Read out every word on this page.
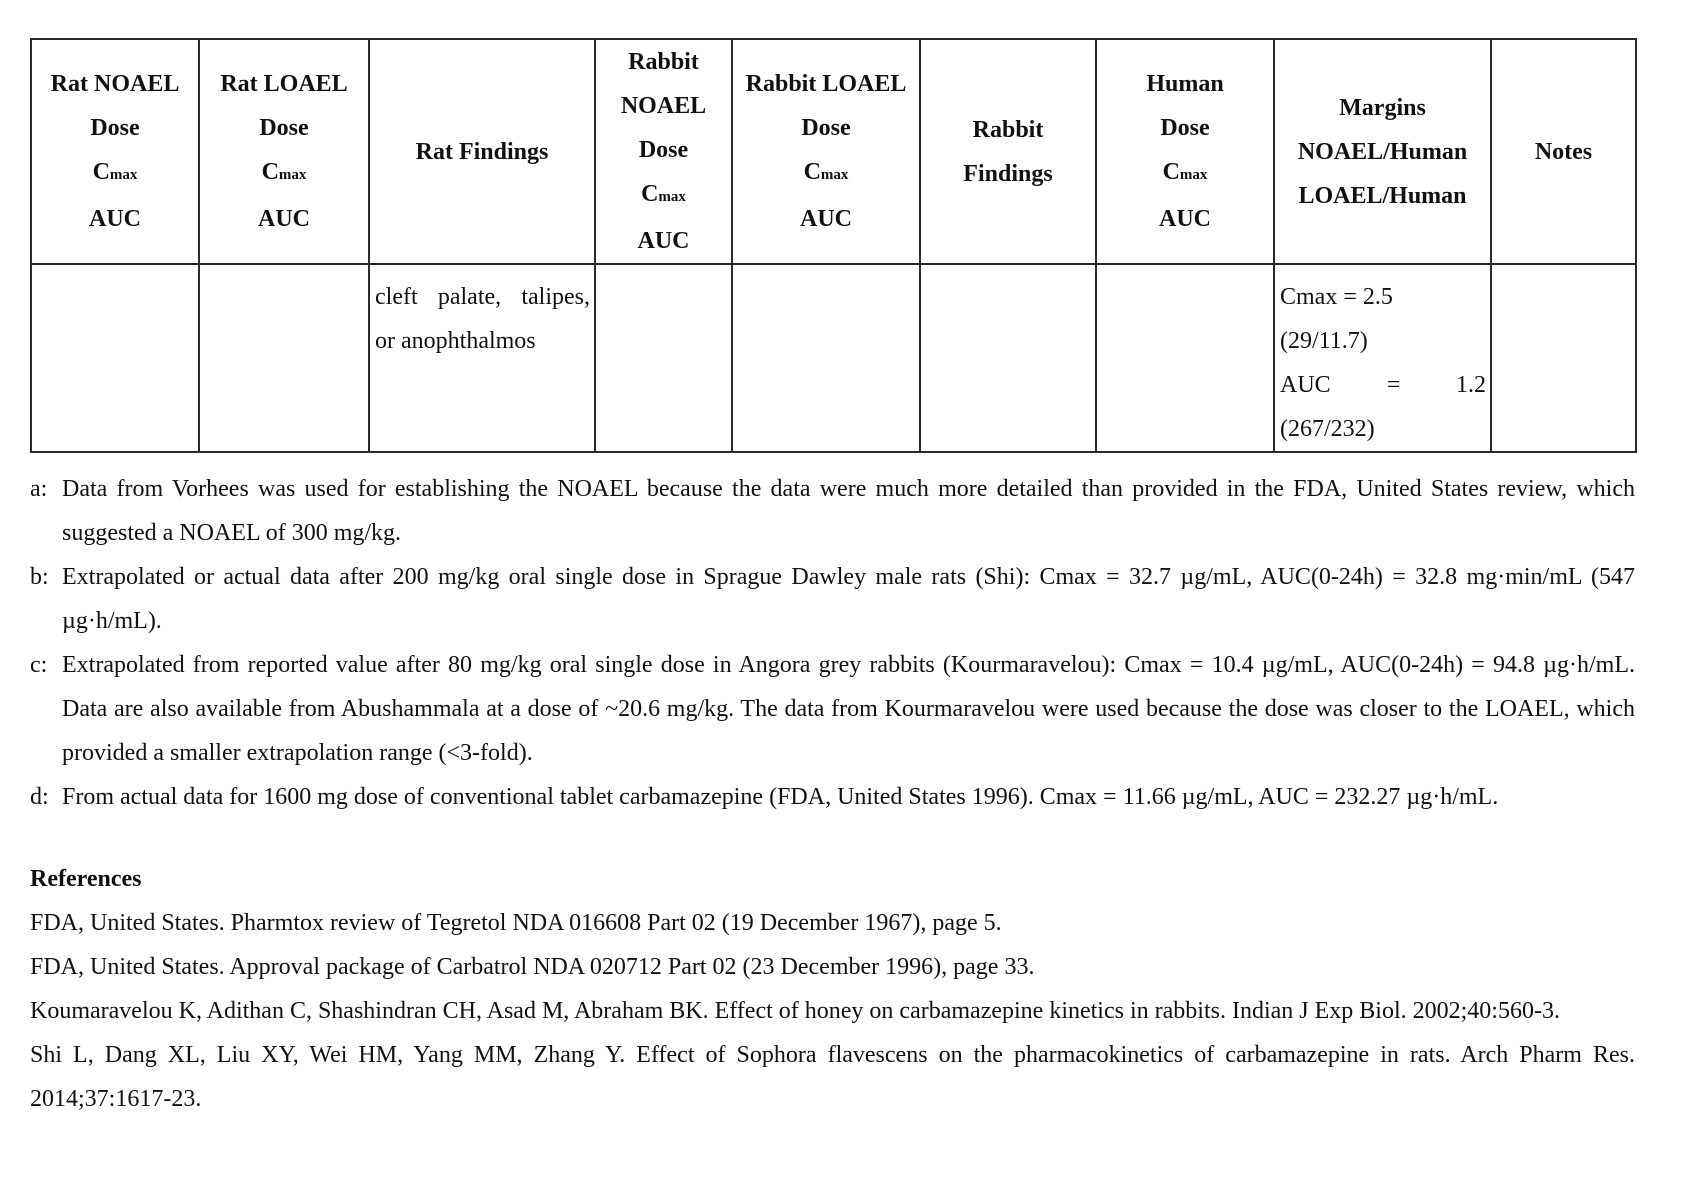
Rat NOAEL
Dose
Cmax
AUC	Rat LOAEL
Dose
Cmax
AUC	Rat Findings	Rabbit
NOAEL
Dose
Cmax
AUC	Rabbit LOAEL
Dose
Cmax
AUC	Rabbit
Findings	Human
Dose
Cmax
AUC	Margins
NOAEL/Human
LOAEL/Human	Notes

		cleft palate, talipes,
or anophthalmos					Cmax = 2.5 (29/11.7)
AUC = 1.2
(267/232)	

a: Data from Vorhees was used for establishing the NOAEL because the data were much more detailed than provided in the FDA, United States review, which suggested a NOAEL of 300 mg/kg.
b: Extrapolated or actual data after 200 mg/kg oral single dose in Sprague Dawley male rats (Shi): Cmax = 32.7 µg/mL, AUC(0-24h) = 32.8 mg·min/mL (547 µg·h/mL).
c: Extrapolated from reported value after 80 mg/kg oral single dose in Angora grey rabbits (Kourmaravelou): Cmax = 10.4 µg/mL, AUC(0-24h) = 94.8 µg·h/mL. Data are also available from Abushammala at a dose of ~20.6 mg/kg. The data from Kourmaravelou were used because the dose was closer to the LOAEL, which provided a smaller extrapolation range (<3-fold).
d: From actual data for 1600 mg dose of conventional tablet carbamazepine (FDA, United States 1996). Cmax = 11.66 µg/mL, AUC = 232.27 µg·h/mL.
References
FDA, United States. Pharmtox review of Tegretol NDA 016608 Part 02 (19 December 1967), page 5.
FDA, United States. Approval package of Carbatrol NDA 020712 Part 02 (23 December 1996), page 33.
Koumaravelou K, Adithan C, Shashindran CH, Asad M, Abraham BK. Effect of honey on carbamazepine kinetics in rabbits. Indian J Exp Biol. 2002;40:560-3.
Shi L, Dang XL, Liu XY, Wei HM, Yang MM, Zhang Y. Effect of Sophora flavescens on the pharmacokinetics of carbamazepine in rats. Arch Pharm Res. 2014;37:1617-23.
